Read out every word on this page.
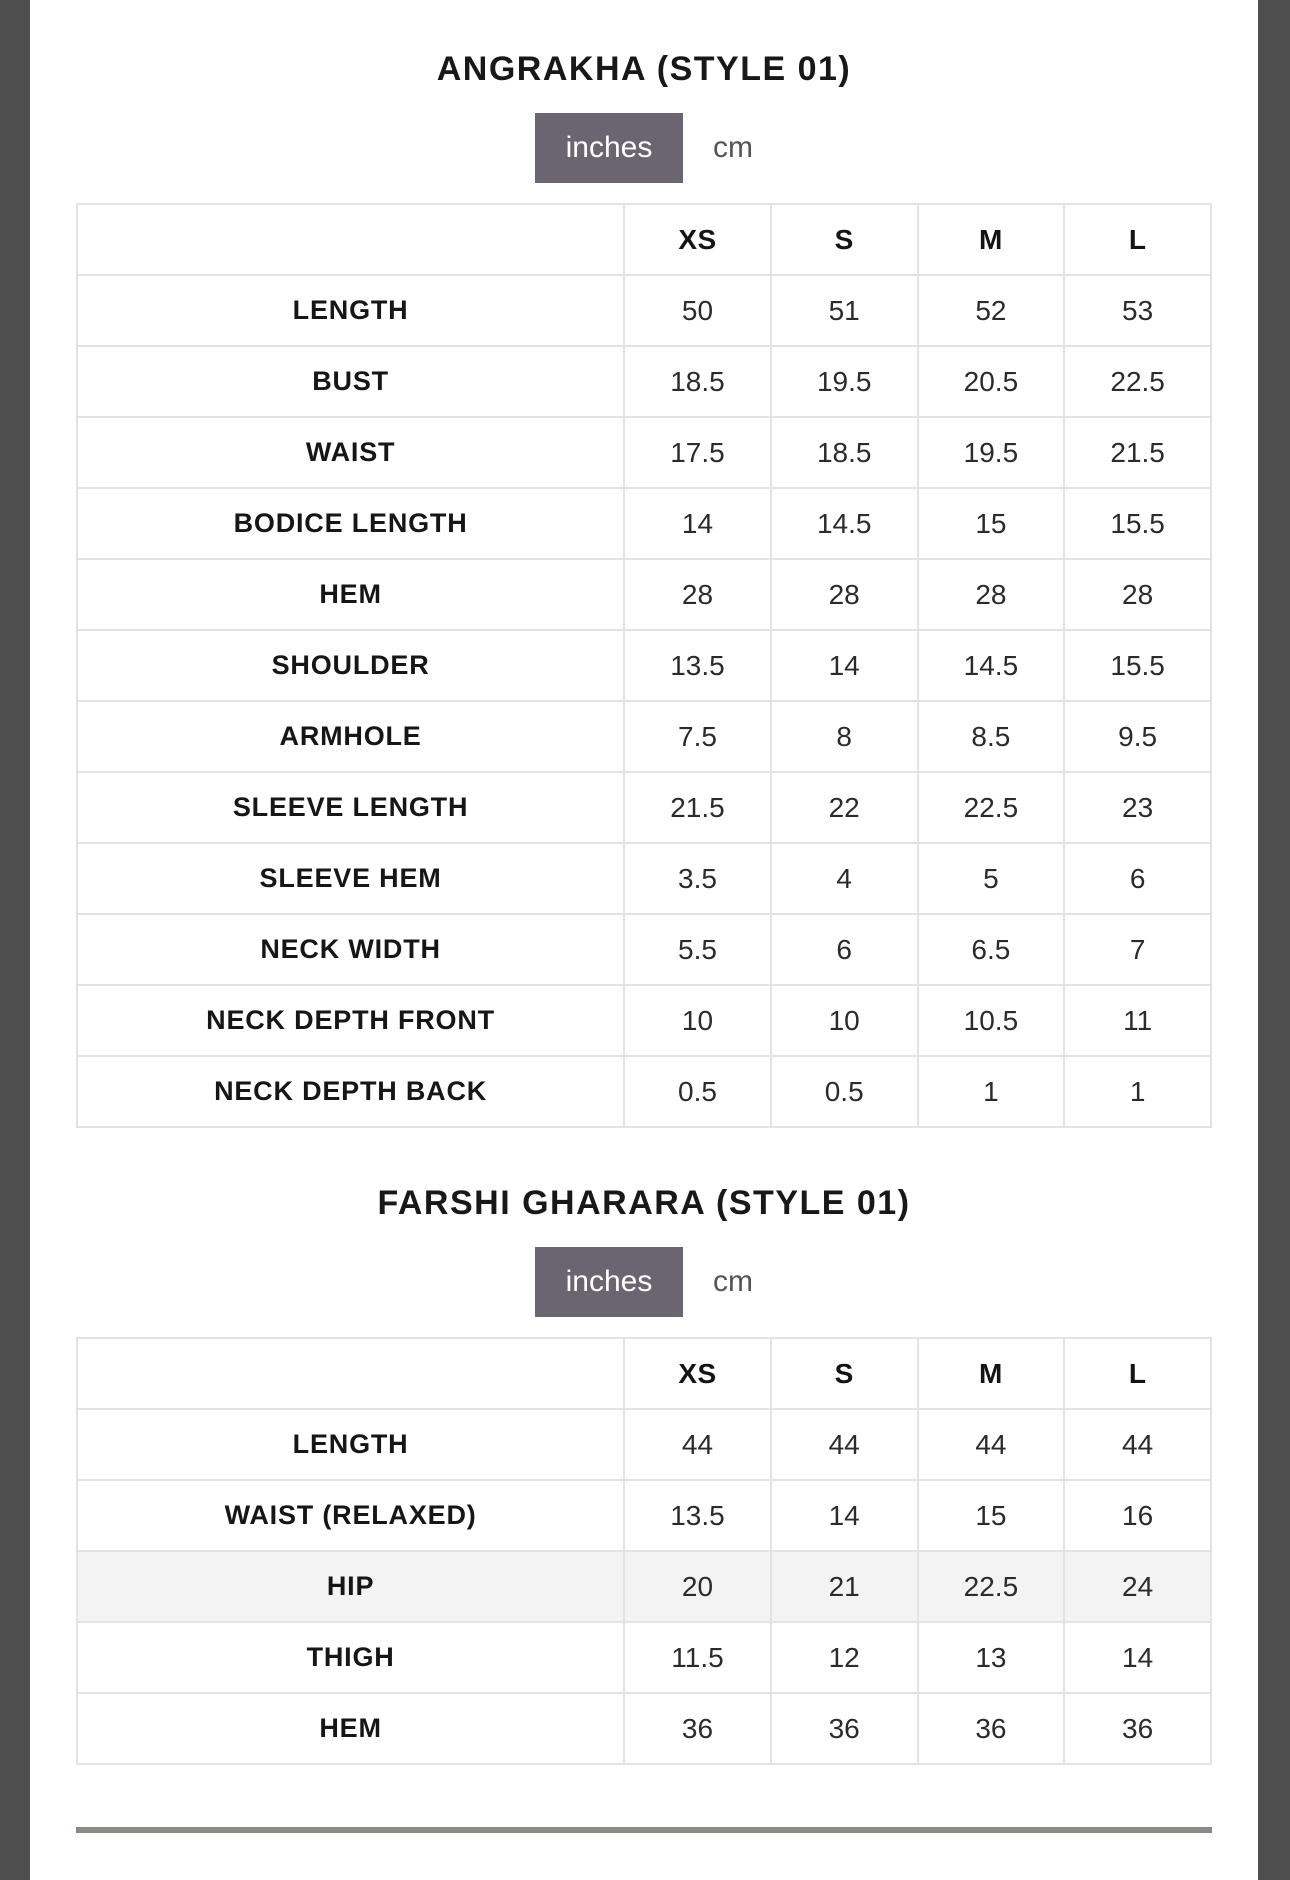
ANGRAKHA (STYLE 01)
inches	cm
	XS	S	M	L
LENGTH	50	51	52	53
BUST	18.5	19.5	20.5	22.5
WAIST	17.5	18.5	19.5	21.5
BODICE LENGTH	14	14.5	15	15.5
HEM	28	28	28	28
SHOULDER	13.5	14	14.5	15.5
ARMHOLE	7.5	8	8.5	9.5
SLEEVE LENGTH	21.5	22	22.5	23
SLEEVE HEM	3.5	4	5	6
NECK WIDTH	5.5	6	6.5	7
NECK DEPTH FRONT	10	10	10.5	11
NECK DEPTH BACK	0.5	0.5	1	1
FARSHI GHARARA (STYLE 01)
inches	cm
	XS	S	M	L
LENGTH	44	44	44	44
WAIST (RELAXED)	13.5	14	15	16
HIP	20	21	22.5	24
THIGH	11.5	12	13	14
HEM	36	36	36	36
